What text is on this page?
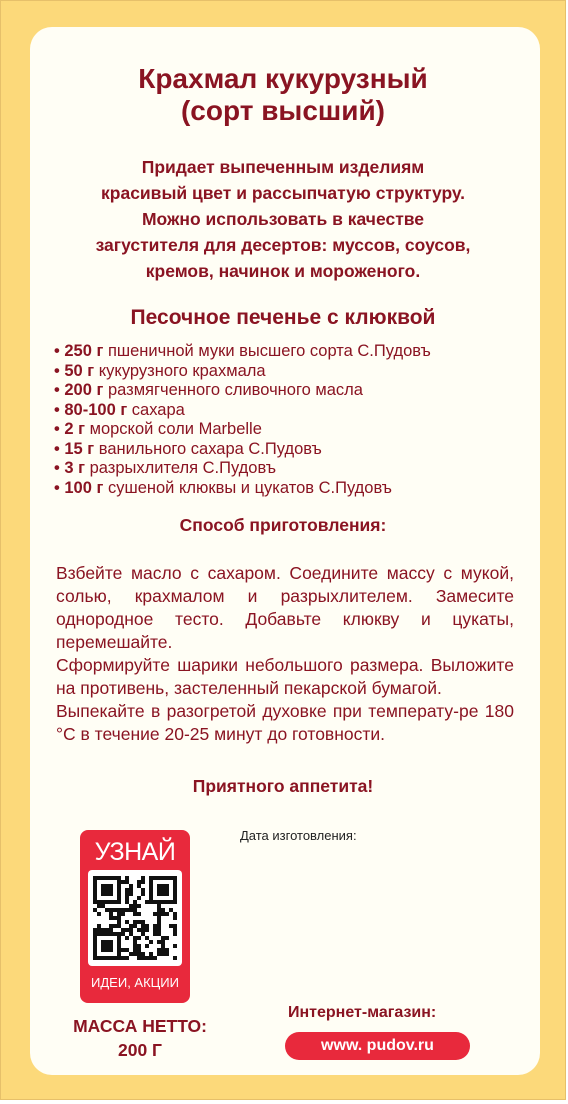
Крахмал кукурузный
(сорт высший)
Придает выпеченным изделиям
красивый цвет и рассыпчатую структуру.
Можно использовать в качестве
загустителя для десертов: муссов, соусов,
кремов, начинок и мороженого.
Песочное печенье с клюквой
• 250 г пшеничной муки высшего сорта С.Пудовъ
• 50 г кукурузного крахмала
• 200 г размягченного сливочного масла
• 80-100 г сахара
• 2 г морской соли Marbelle
• 15 г ванильного сахара С.Пудовъ
• 3 г разрыхлителя С.Пудовъ
• 100 г сушеной клюквы и цукатов С.Пудовъ
Способ приготовления:

Взбейте масло с сахаром. Соедините массу с мукой, солью, крахмалом и разрыхлителем. Замесите однородное тесто. Добавьте клюкву и цукаты, перемешайте.

Сформируйте шарики небольшого размера. Выложите на противень, застеленный пекарской бумагой.

Выпекайте в разогретой духовке при температу-ре 180 °С в течение 20-25 минут до готовности.

Приятного аппетита!
Дата изготовления:
УЗНАЙ
ИДЕИ, АКЦИИ
МАССА НЕТТО:
200 Г
Интернет-магазин:
www. pudov.ru
